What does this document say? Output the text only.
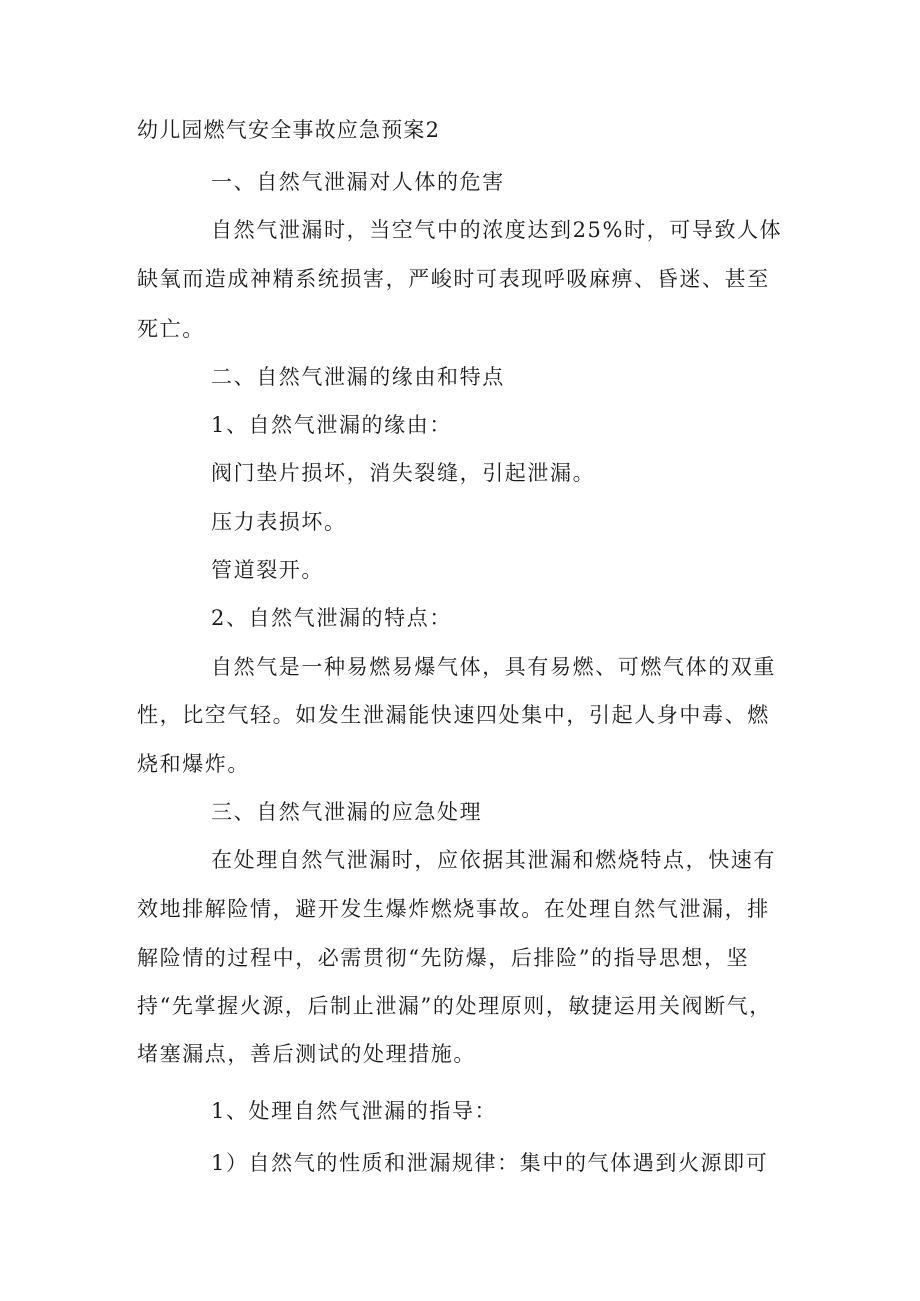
幼儿园燃气安全事故应急预案2
一、自然气泄漏对人体的危害
自然气泄漏时，当空气中的浓度达到25%时，可导致人体
缺氧而造成神精系统损害，严峻时可表现呼吸麻痹、昏迷、甚至
死亡。
二、自然气泄漏的缘由和特点
1、自然气泄漏的缘由：
阀门垫片损坏，消失裂缝，引起泄漏。
压力表损坏。
管道裂开。
2、自然气泄漏的特点：
自然气是一种易燃易爆气体，具有易燃、可燃气体的双重
性，比空气轻。如发生泄漏能快速四处集中，引起人身中毒、燃
烧和爆炸。
三、自然气泄漏的应急处理
在处理自然气泄漏时，应依据其泄漏和燃烧特点，快速有
效地排解险情，避开发生爆炸燃烧事故。在处理自然气泄漏，排
解险情的过程中，必需贯彻“先防爆，后排险”的指导思想，坚
持“先掌握火源，后制止泄漏”的处理原则，敏捷运用关阀断气，
堵塞漏点，善后测试的处理措施。
1、处理自然气泄漏的指导：
1）自然气的性质和泄漏规律：集中的气体遇到火源即可
